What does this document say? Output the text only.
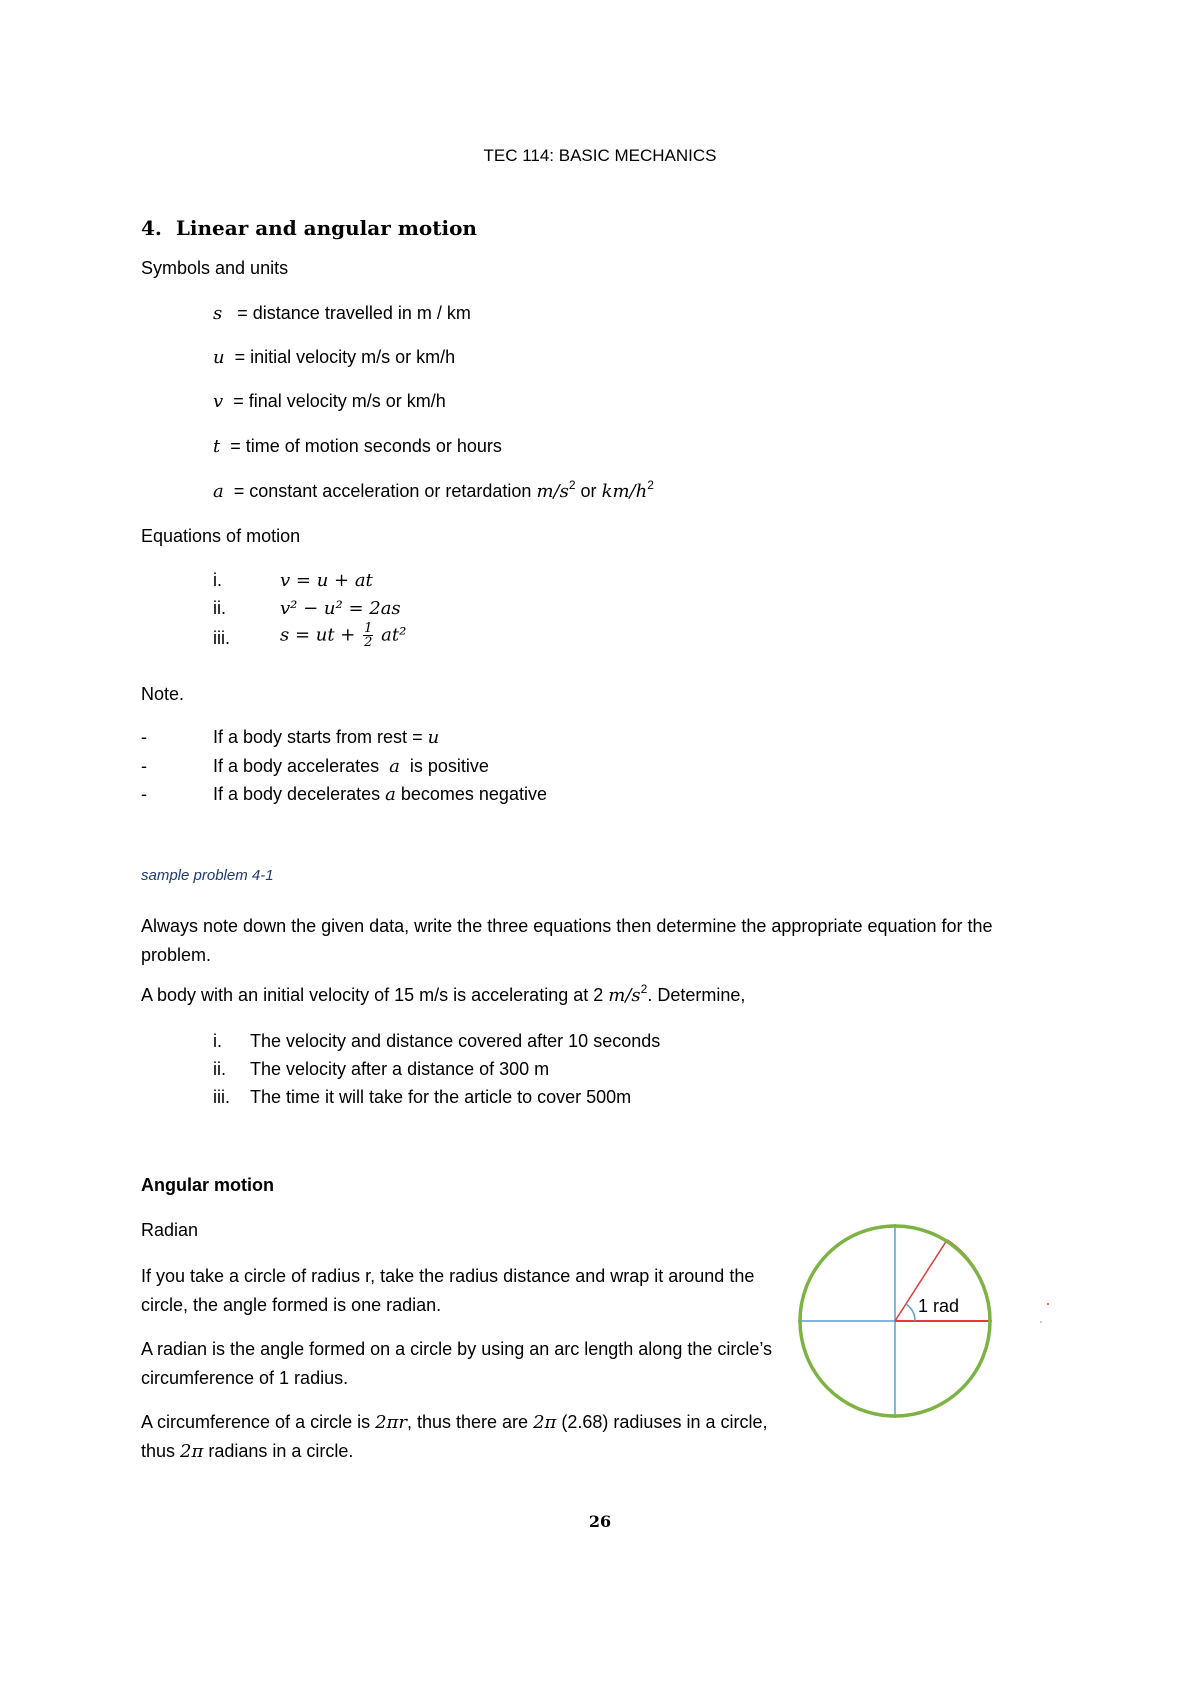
TEC 114: BASIC MECHANICS
4. Linear and angular motion
Symbols and units
s = distance travelled in m / km
u = initial velocity m/s or km/h
v = final velocity m/s or km/h
t = time of motion seconds or hours
a = constant acceleration or retardation $m/s^2$ or $km/h^2$
Equations of motion
i.	v = u + at
ii.	v² − u² = 2as
iii.	s = ut + $\frac{1}{2} at^2$
Note.
-	If a body starts from rest = u
-	If a body accelerates a is positive
-	If a body decelerates a becomes negative
sample problem 4-1
Always note down the given data, write the three equations then determine the appropriate equation for the problem.
A body with an initial velocity of 15 m/s is accelerating at 2 $m/s^2$. Determine,
i. The velocity and distance covered after 10 seconds
ii. The velocity after a distance of 300 m
iii. The time it will take for the article to cover 500m
Angular motion
Radian
If you take a circle of radius r, take the radius distance and wrap it around the circle, the angle formed is one radian.
A radian is the angle formed on a circle by using an arc length along the circle’s circumference of 1 radius.
A circumference of a circle is 2πr, thus there are 2π (2.68) radiuses in a circle, thus 2π radians in a circle.
1 rad
26
